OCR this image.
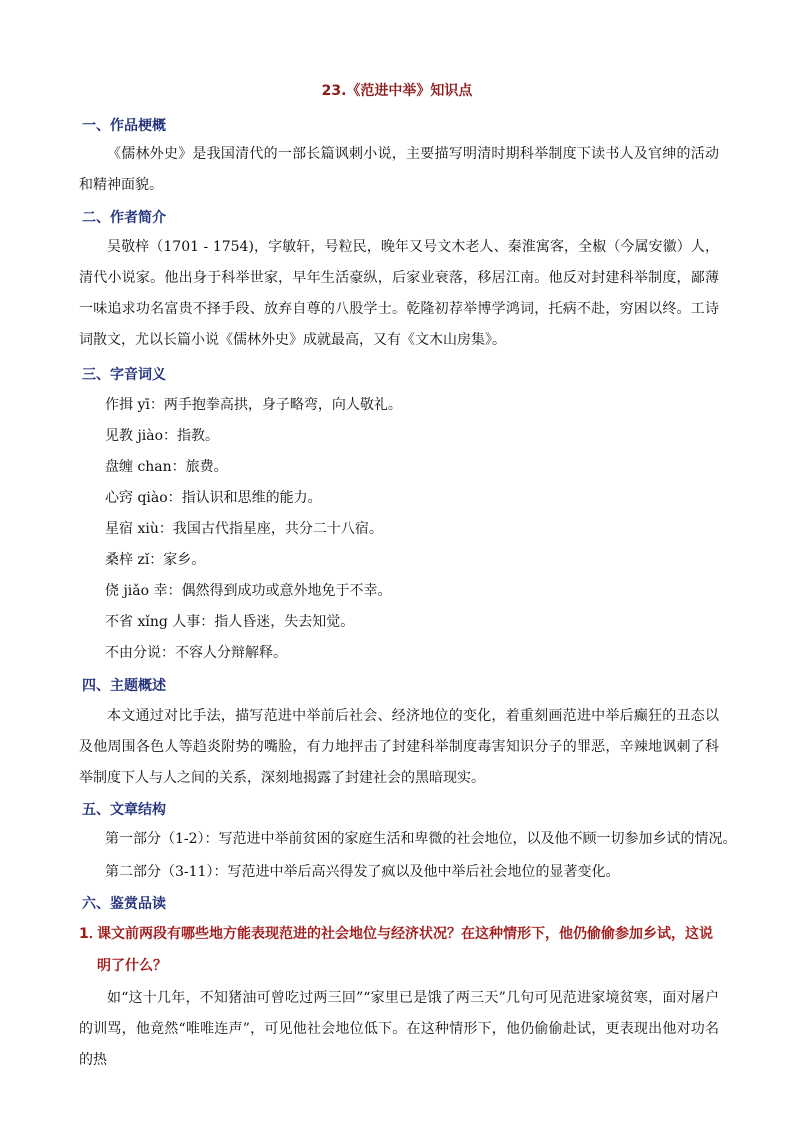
23.《范进中举》知识点
一、作品梗概

《儒林外史》是我国清代的一部长篇讽刺小说，主要描写明清时期科举制度下读书人及官绅的活动和精神面貌。

二、作者简介

吴敬梓（1701 - 1754)，字敏轩，号粒民，晚年又号文木老人、秦淮寓客，全椒（今属安徽）人，清代小说家。他出身于科举世家，早年生活豪纵，后家业衰落，移居江南。他反对封建科举制度，鄙薄一味追求功名富贵不择手段、放弃自尊的八股学士。乾隆初荐举博学鸿词，托病不赴，穷困以终。工诗词散文，尤以长篇小说《儒林外史》成就最高，又有《文木山房集》。

三、字音词义
作揖 yī：两手抱拳高拱，身子略弯，向人敬礼。
见教 jiào：指教。
盘缠 chan：旅费。
心窍 qiào：指认识和思维的能力。
星宿 xiù：我国古代指星座，共分二十八宿。
桑梓 zǐ：家乡。
侥 jiǎo 幸：偶然得到成功或意外地免于不幸。
不省 xǐng 人事：指人昏迷，失去知觉。
不由分说：不容人分辩解释。
四、主题概述

本文通过对比手法，描写范进中举前后社会、经济地位的变化，着重刻画范进中举后癫狂的丑态以及他周围各色人等趋炎附势的嘴脸，有力地抨击了封建科举制度毒害知识分子的罪恶，辛辣地讽刺了科举制度下人与人之间的关系，深刻地揭露了封建社会的黑暗现实。

五、文章结构
第一部分（1-2）：写范进中举前贫困的家庭生活和卑微的社会地位，以及他不顾一切参加乡试的情况。
第二部分（3-11）：写范进中举后高兴得发了疯以及他中举后社会地位的显著变化。
六、鉴赏品读
1．课文前两段有哪些地方能表现范进的社会地位与经济状况？在这种情形下，他仍偷偷参加乡试，这说
明了什么？

如“这十几年，不知猪油可曾吃过两三回”“家里已是饿了两三天”几句可见范进家境贫寒，面对屠户的训骂，他竟然“唯唯连声”，可见他社会地位低下。在这种情形下，他仍偷偷赴试，更表现出他对功名的热
